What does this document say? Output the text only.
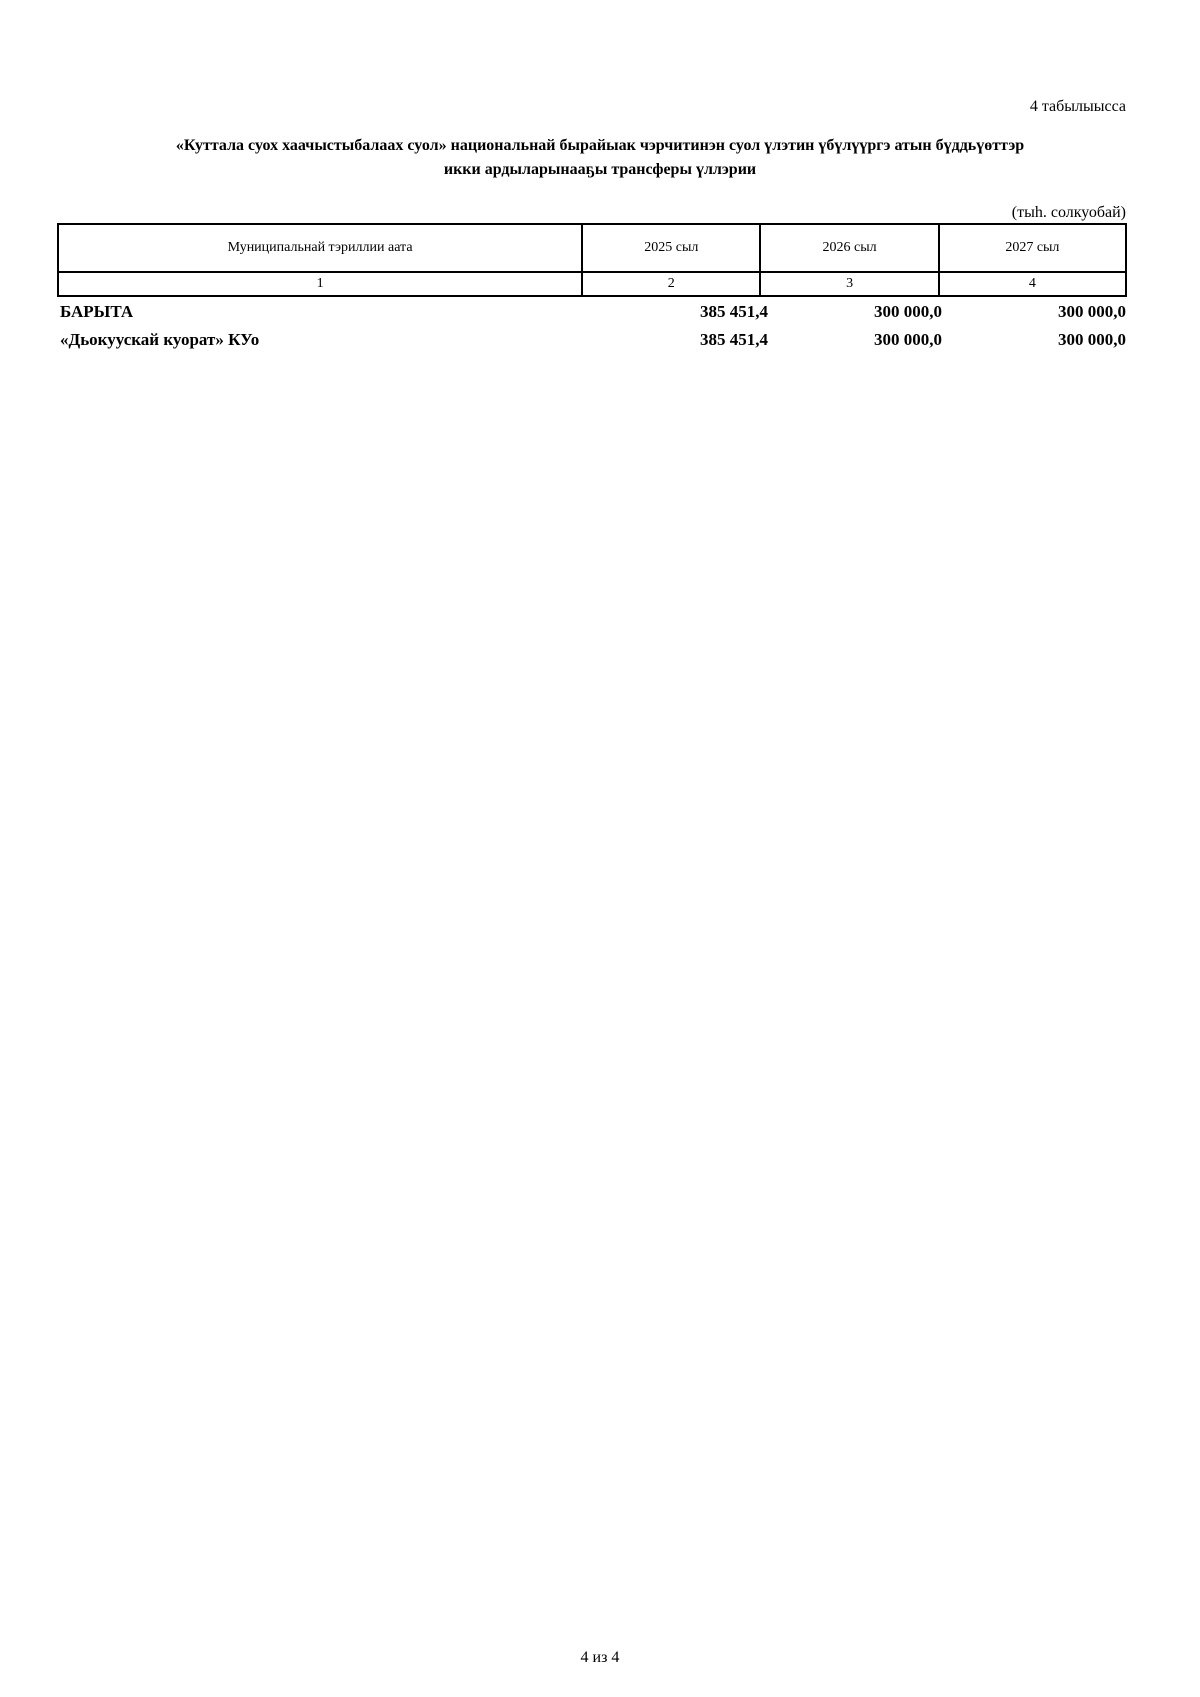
4 табылыысса
«Куттала суох хаачыстыбалаах суол» национальнай бырайыак чэрчитинэн суол үлэтин үбүлүүргэ атын бүддьүөттэр
икки ардыларынааҕы трансферы үллэрии
(тыһ. солкуобай)
Муниципальнай тэриллии аата	2025 сыл	2026 сыл	2027 сыл
1	2	3	4
БАРЫТА	385 451,4	300 000,0	300 000,0
«Дьокуускай куорат» КУо	385 451,4	300 000,0	300 000,0
4 из 4
